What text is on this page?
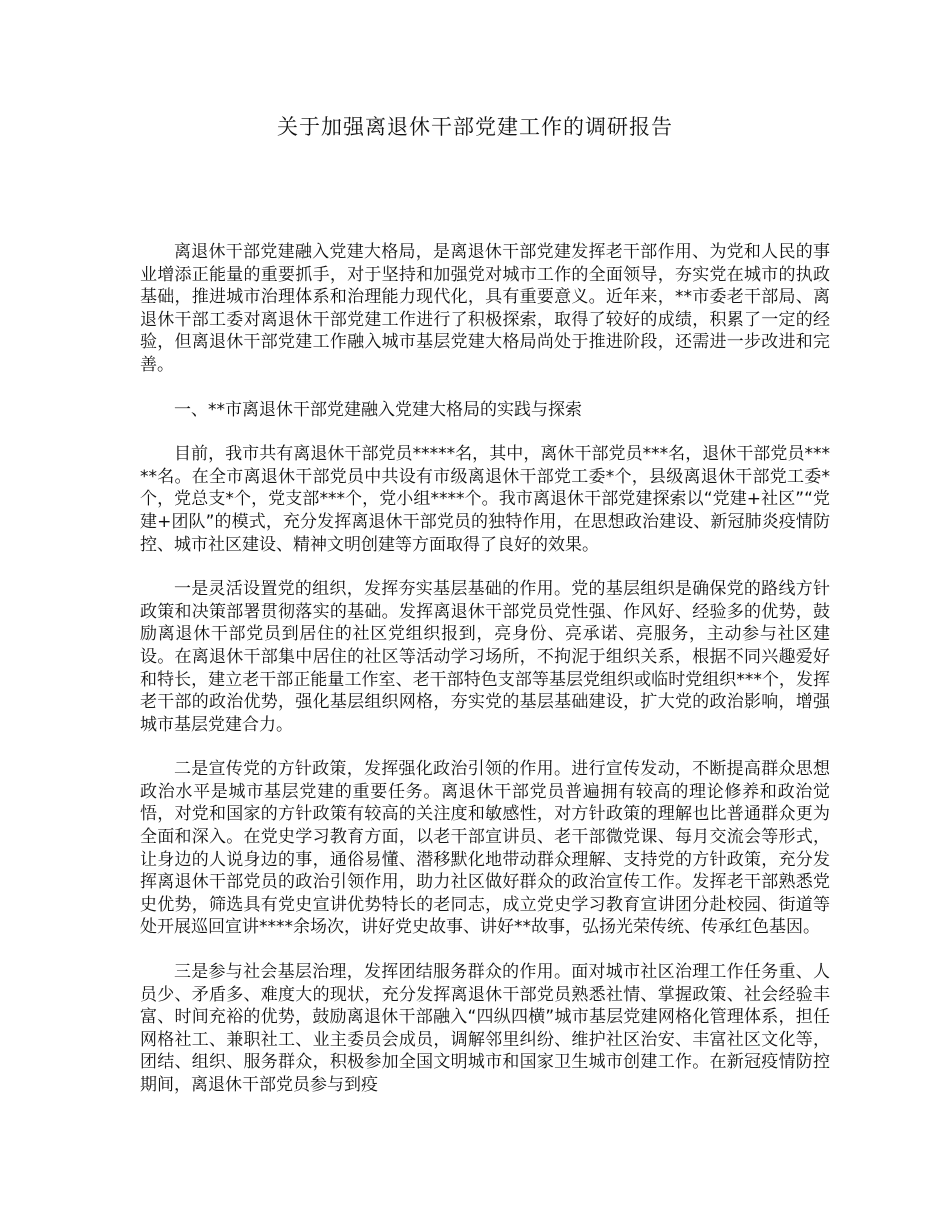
关于加强离退休干部党建工作的调研报告

离退休干部党建融入党建大格局，是离退休干部党建发挥老干部作用、为党和人民的事业增添正能量的重要抓手，对于坚持和加强党对城市工作的全面领导，夯实党在城市的执政基础，推进城市治理体系和治理能力现代化，具有重要意义。近年来，**市委老干部局、离退休干部工委对离退休干部党建工作进行了积极探索，取得了较好的成绩，积累了一定的经验，但离退休干部党建工作融入城市基层党建大格局尚处于推进阶段，还需进一步改进和完善。

一、**市离退休干部党建融入党建大格局的实践与探索

目前，我市共有离退休干部党员*****名，其中，离休干部党员***名，退休干部党员*****名。在全市离退休干部党员中共设有市级离退休干部党工委*个，县级离退休干部党工委*个，党总支*个，党支部***个，党小组****个。我市离退休干部党建探索以“党建+社区”“党建+团队”的模式，充分发挥离退休干部党员的独特作用，在思想政治建设、新冠肺炎疫情防控、城市社区建设、精神文明创建等方面取得了良好的效果。

一是灵活设置党的组织，发挥夯实基层基础的作用。党的基层组织是确保党的路线方针政策和决策部署贯彻落实的基础。发挥离退休干部党员党性强、作风好、经验多的优势，鼓励离退休干部党员到居住的社区党组织报到，亮身份、亮承诺、亮服务，主动参与社区建设。在离退休干部集中居住的社区等活动学习场所，不拘泥于组织关系，根据不同兴趣爱好和特长，建立老干部正能量工作室、老干部特色支部等基层党组织或临时党组织***个，发挥老干部的政治优势，强化基层组织网格，夯实党的基层基础建设，扩大党的政治影响，增强城市基层党建合力。

二是宣传党的方针政策，发挥强化政治引领的作用。进行宣传发动，不断提高群众思想政治水平是城市基层党建的重要任务。离退休干部党员普遍拥有较高的理论修养和政治觉悟，对党和国家的方针政策有较高的关注度和敏感性，对方针政策的理解也比普通群众更为全面和深入。在党史学习教育方面，以老干部宣讲员、老干部微党课、每月交流会等形式，让身边的人说身边的事，通俗易懂、潜移默化地带动群众理解、支持党的方针政策，充分发挥离退休干部党员的政治引领作用，助力社区做好群众的政治宣传工作。发挥老干部熟悉党史优势，筛选具有党史宣讲优势特长的老同志，成立党史学习教育宣讲团分赴校园、街道等处开展巡回宣讲****余场次，讲好党史故事、讲好**故事，弘扬光荣传统、传承红色基因。

三是参与社会基层治理，发挥团结服务群众的作用。面对城市社区治理工作任务重、人员少、矛盾多、难度大的现状，充分发挥离退休干部党员熟悉社情、掌握政策、社会经验丰富、时间充裕的优势，鼓励离退休干部融入“四纵四横”城市基层党建网格化管理体系，担任网格社工、兼职社工、业主委员会成员，调解邻里纠纷、维护社区治安、丰富社区文化等，团结、组织、服务群众，积极参加全国文明城市和国家卫生城市创建工作。在新冠疫情防控期间，离退休干部党员参与到疫
